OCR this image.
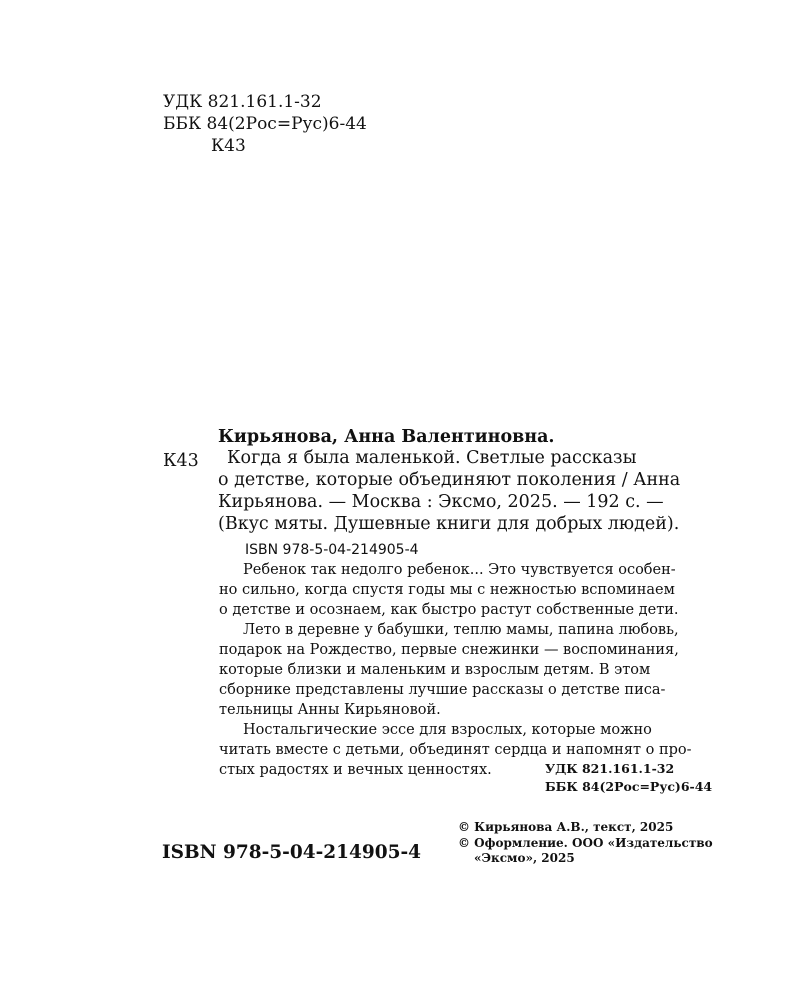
УДК 821.161.1-32
ББК 84(2Рос=Рус)6-44
К43
Кирьянова, Анна Валентиновна.
К43	Когда я была маленькой. Светлые рассказы
о детстве, которые объединяют поколения / Анна
Кирьянова. — Москва : Эксмо, 2025. — 192 с. —
(Вкус мяты. Душевные книги для добрых людей).
ISBN 978-5-04-214905-4
Ребенок так недолго ребенок... Это чувствуется особен-
но сильно, когда спустя годы мы с нежностью вспоминаем
о детстве и осознаем, как быстро растут собственные дети.
Лето в деревне у бабушки, теплю мамы, папина любовь,
подарок на Рождество, первые снежинки — воспоминания,
которые близки и маленьким и взрослым детям. В этом
сборнике представлены лучшие рассказы о детстве писа-
тельницы Анны Кирьяновой.
Ностальгические эссе для взрослых, которые можно
читать вместе с детьми, объединят сердца и напомнят о про-
стых радостях и вечных ценностях.	УДК 821.161.1-32
ББК 84(2Рос=Рус)6-44
ISBN 978-5-04-214905-4
© Кирьянова А.В., текст, 2025
© Оформление. ООО «Издательство
«Эксмо», 2025
